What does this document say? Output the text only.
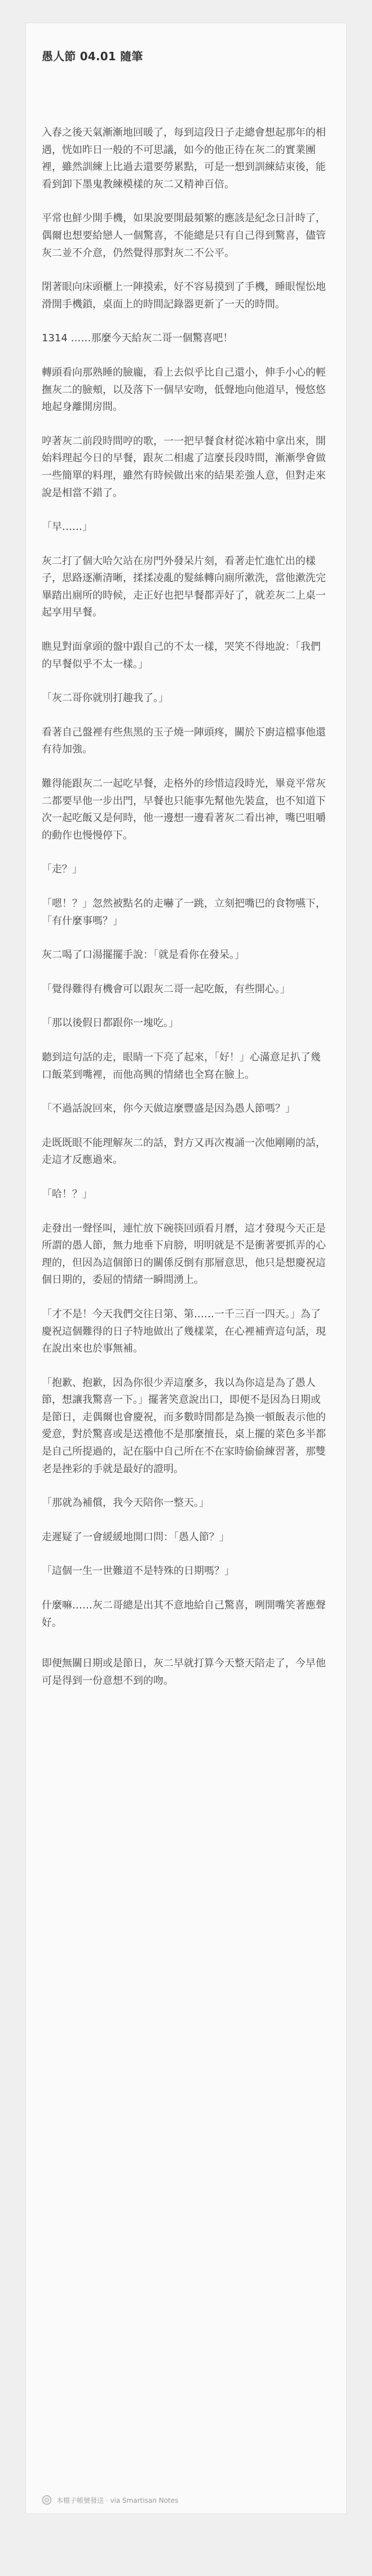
愚人節 04.01 隨筆

入春之後天氣漸漸地回暖了，每到這段日子走總會想起那年的相遇，恍如昨日一般的不可思議，如今的他正待在灰二的實業團裡，雖然訓練上比過去還要勞累點，可是一想到訓練結束後，能看到卸下墨鬼教練模樣的灰二又精神百倍。

平常也鮮少開手機，如果說要開最頻繁的應該是紀念日計時了，偶爾也想要給戀人一個驚喜，不能總是只有自己得到驚喜，儘管灰二並不介意，仍然覺得那對灰二不公平。

閉著眼向床頭櫃上一陣摸索，好不容易摸到了手機，睡眼惺忪地滑開手機鎖，桌面上的時間記錄器更新了一天的時間。

1314 ……那麼今天給灰二哥一個驚喜吧！

轉頭看向那熟睡的臉龐，看上去似乎比自己還小，伸手小心的輕撫灰二的臉頰，以及落下一個早安吻，低聲地向他道早，慢悠悠地起身離開房間。

哼著灰二前段時間哼的歌，一一把早餐食材從冰箱中拿出來，開始料理起今日的早餐，跟灰二相處了這麼長段時間，漸漸學會做一些簡單的料理，雖然有時候做出來的結果差強人意，但對走來說是相當不錯了。

「早……」

灰二打了個大哈欠站在房門外發呆片刻，看著走忙進忙出的樣子，思路逐漸清晰，揉揉凌亂的髮絲轉向廁所漱洗，當他漱洗完畢踏出廁所的時候，走正好也把早餐都弄好了，就差灰二上桌一起享用早餐。

瞧見對面拿頭的盤中跟自己的不太一樣，哭笑不得地說：「我們的早餐似乎不太一樣。」

「灰二哥你就別打趣我了。」

看著自己盤裡有些焦黑的玉子燒一陣頭疼，關於下廚這檔事他還有待加強。

難得能跟灰二一起吃早餐，走格外的珍惜這段時光，畢竟平常灰二都要早他一步出門，早餐也只能事先幫他先裝盒，也不知道下次一起吃飯又是何時，他一邊想一邊看著灰二看出神，嘴巴咀嚼的動作也慢慢停下。

「走？」

「嗯！？」忽然被點名的走嚇了一跳，立刻把嘴巴的食物嚥下，「有什麼事嗎？」

灰二喝了口湯擺擺手說：「就是看你在發呆。」

「覺得難得有機會可以跟灰二哥一起吃飯，有些開心。」

「那以後假日都跟你一塊吃。」

聽到這句話的走，眼睛一下亮了起來，「好！」心滿意足扒了幾口飯菜到嘴裡，而他高興的情緒也全寫在臉上。

「不過話說回來，你今天做這麼豐盛是因為愚人節嗎？」

走既既眼不能理解灰二的話，對方又再次複誦一次他剛剛的話，走這才反應過來。

「哈！？」

走發出一聲怪叫，連忙放下碗筷回頭看月曆，這才發現今天正是所謂的愚人節，無力地垂下肩膀，明明就是不是衝著要抓弄的心理的，但因為這個節日的關係反倒有那層意思，他只是想慶祝這個日期的，委屈的情緒一瞬間湧上。

「才不是！今天我們交往日第、第……一千三百一四天。」為了慶祝這個難得的日子特地做出了幾樣菜，在心裡補齊這句話，現在說出來也於事無補。

「抱歉、抱歉，因為你很少弄這麼多，我以為你這是為了愚人節，想讓我驚喜一下。」擺著笑意說出口，即便不是因為日期或是節日，走偶爾也會慶祝，而多數時間都是為換一頓飯表示他的愛意，對於驚喜或是送禮他不是那麼擅長，桌上擺的菜色多半都是自己所提過的，記在腦中自己所在不在家時偷偷練習著，那雙老是挫彩的手就是最好的證明。

「那就為補償，我今天陪你一整天。」

走遲疑了一會緩緩地開口問：「愚人節？」

「這個一生一世難道不是特殊的日期嗎？」

什麼嘛……灰二哥總是出其不意地給自己驚喜，咧開嘴笑著應聲好。

即便無關日期或是節日，灰二早就打算今天整天陪走了，今早他可是得到一份意想不到的吻。

本檔子帳號發送 · via Smartisan Notes
